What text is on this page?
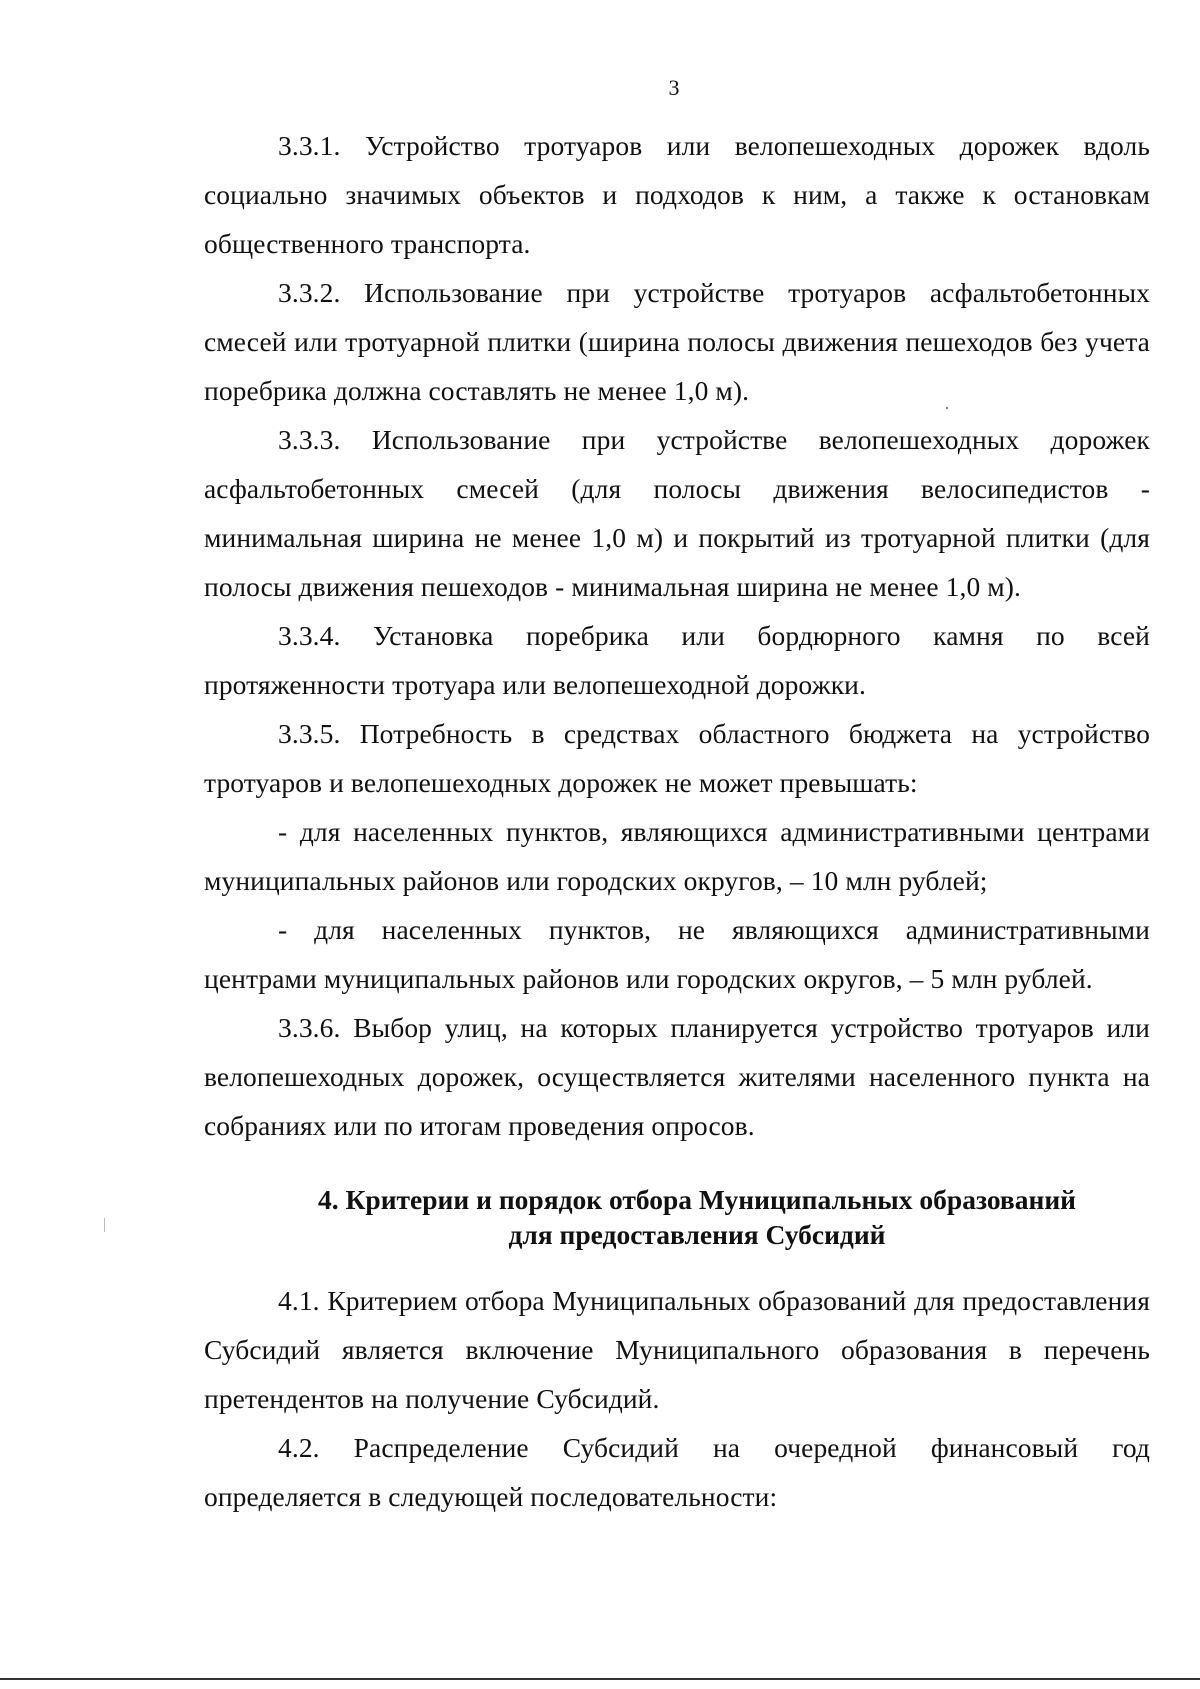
3

3.3.1. Устройство тротуаров или велопешеходных дорожек вдоль социально значимых объектов и подходов к ним, а также к остановкам общественного транспорта.

3.3.2. Использование при устройстве тротуаров асфальтобетонных смесей или тротуарной плитки (ширина полосы движения пешеходов без учета поребрика должна составлять не менее 1,0 м).

3.3.3. Использование при устройстве велопешеходных дорожек асфальтобетонных смесей (для полосы движения велосипедистов - минимальная ширина не менее 1,0 м) и покрытий из тротуарной плитки (для полосы движения пешеходов - минимальная ширина не менее 1,0 м).

3.3.4. Установка поребрика или бордюрного камня по всей протяженности тротуара или велопешеходной дорожки.

3.3.5. Потребность в средствах областного бюджета на устройство тротуаров и велопешеходных дорожек не может превышать:

- для населенных пунктов, являющихся административными центрами муниципальных районов или городских округов, – 10 млн рублей;

- для населенных пунктов, не являющихся административными центрами муниципальных районов или городских округов, – 5 млн рублей.

3.3.6. Выбор улиц, на которых планируется устройство тротуаров или велопешеходных дорожек, осуществляется жителями населенного пункта на собраниях или по итогам проведения опросов.

4. Критерии и порядок отбора Муниципальных образований
для предоставления Субсидий

4.1. Критерием отбора Муниципальных образований для предоставления Субсидий является включение Муниципального образования в перечень претендентов на получение Субсидий.

4.2. Распределение Субсидий на очередной финансовый год определяется в следующей последовательности:
